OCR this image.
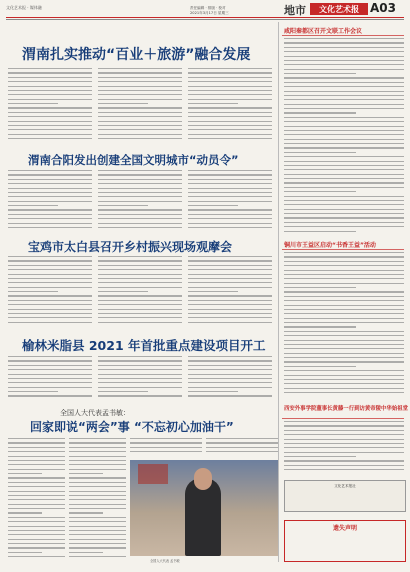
文化艺术报 · 媒体融	责任编辑 · 排版 · 校对
2021年3月17日 星期三	地市	文化艺术报 A03
渭南扎实推动“百业＋旅游”融合发展
渭南合阳发出创建全国文明城市“动员令”
宝鸡市太白县召开乡村振兴现场观摩会
榆林米脂县 2021 年首批重点建设项目开工
全国人大代表孟书敏：
回家即说“两会”事 “不忘初心加油干”
全国人大代表 孟书敏
咸阳秦都区召开文联工作会议
铜川市王益区启动“书香王益”活动
西安外事学院董事长黄藤一行到访黄帝陵中华始祖堂
文化艺术报社
遗失声明
